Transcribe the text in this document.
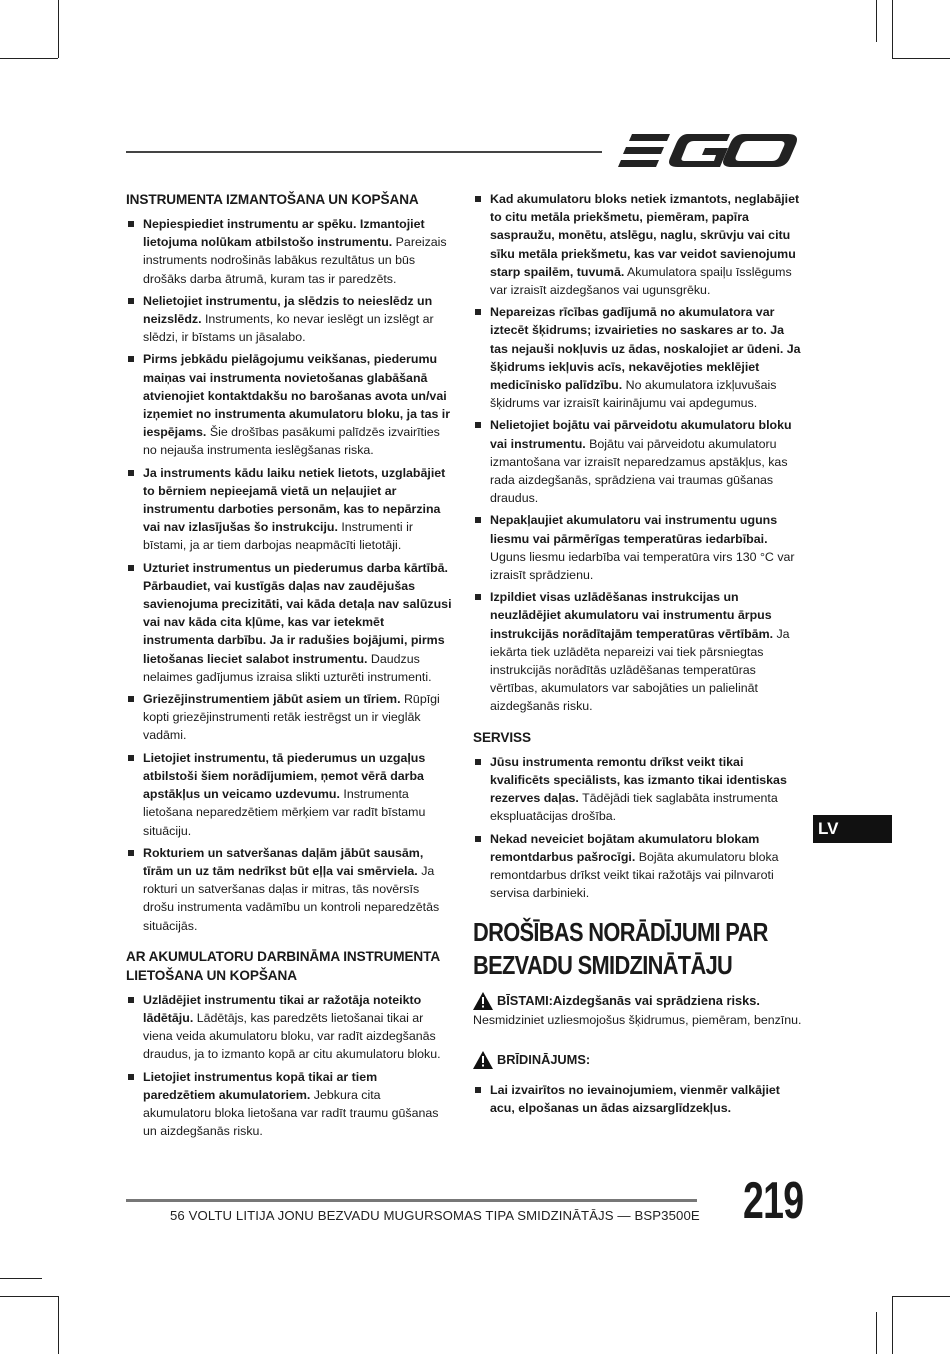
INSTRUMENTA IZMANTOŠANA UN KOPŠANA
Nepiespiediet instrumentu ar spēku. Izmantojiet lietojuma nolūkam atbilstošo instrumentu. Pareizais instruments nodrošinās labākus rezultātus un būs drošāks darba ātrumā, kuram tas ir paredzēts.
Nelietojiet instrumentu, ja slēdzis to neieslēdz un neizslēdz. Instruments, ko nevar ieslēgt un izslēgt ar slēdzi, ir bīstams un jāsalabo.
Pirms jebkādu pielāgojumu veikšanas, piederumu maiņas vai instrumenta novietošanas glabāšanā atvienojiet kontaktdakšu no barošanas avota un/vai izņemiet no instrumenta akumulatoru bloku, ja tas ir iespējams. Šie drošības pasākumi palīdzēs izvairīties no nejauša instrumenta ieslēgšanas riska.
Ja instruments kādu laiku netiek lietots, uzglabājiet to bērniem nepieejamā vietā un neļaujiet ar instrumentu darboties personām, kas to nepārzina vai nav izlasījušas šo instrukciju. Instrumenti ir bīstami, ja ar tiem darbojas neapmācīti lietotāji.
Uzturiet instrumentus un piederumus darba kārtībā. Pārbaudiet, vai kustīgās daļas nav zaudējušas savienojuma precizitāti, vai kāda detaļa nav salūzusi vai nav kāda cita kļūme, kas var ietekmēt instrumenta darbību. Ja ir radušies bojājumi, pirms lietošanas lieciet salabot instrumentu. Daudzus nelaimes gadījumus izraisa slikti uzturēti instrumenti.
Griezējinstrumentiem jābūt asiem un tīriem. Rūpīgi kopti griezējinstrumenti retāk iestrēgst un ir vieglāk vadāmi.
Lietojiet instrumentu, tā piederumus un uzgaļus atbilstoši šiem norādījumiem, ņemot vērā darba apstākļus un veicamo uzdevumu. Instrumenta lietošana neparedzētiem mērķiem var radīt bīstamu situāciju.
Rokturiem un satveršanas daļām jābūt sausām, tīrām un uz tām nedrīkst būt eļļa vai smērviela. Ja rokturi un satveršanas daļas ir mitras, tās novērsīs drošu instrumenta vadāmību un kontroli neparedzētās situācijās.
AR AKUMULATORU DARBINĀMA INSTRUMENTA LIETOŠANA UN KOPŠANA
Uzlādējiet instrumentu tikai ar ražotāja noteikto lādētāju. Lādētājs, kas paredzēts lietošanai tikai ar viena veida akumulatoru bloku, var radīt aizdegšanās draudus, ja to izmanto kopā ar citu akumulatoru bloku.
Lietojiet instrumentus kopā tikai ar tiem paredzētiem akumulatoriem. Jebkura cita akumulatoru bloka lietošana var radīt traumu gūšanas un aizdegšanās risku.
Kad akumulatoru bloks netiek izmantots, neglabājiet to citu metāla priekšmetu, piemēram, papīra saspraužu, monētu, atslēgu, naglu, skrūvju vai citu sīku metāla priekšmetu, kas var veidot savienojumu starp spailēm, tuvumā. Akumulatora spaiļu īsslēgums var izraisīt aizdegšanos vai ugunsgrēku.
Nepareizas rīcības gadījumā no akumulatora var iztecēt šķidrums; izvairieties no saskares ar to. Ja tas nejauši nokļuvis uz ādas, noskalojiet ar ūdeni. Ja šķidrums iekļuvis acīs, nekavējoties meklējiet medicīnisko palīdzību. No akumulatora izkļuvušais šķidrums var izraisīt kairinājumu vai apdegumus.
Nelietojiet bojātu vai pārveidotu akumulatoru bloku vai instrumentu. Bojātu vai pārveidotu akumulatoru izmantošana var izraisīt neparedzamus apstākļus, kas rada aizdegšanās, sprādziena vai traumas gūšanas draudus.
Nepakļaujiet akumulatoru vai instrumentu uguns liesmu vai pārmērīgas temperatūras iedarbībai. Uguns liesmu iedarbība vai temperatūra virs 130 °C var izraisīt sprādzienu.
Izpildiet visas uzlādēšanas instrukcijas un neuzlādējiet akumulatoru vai instrumentu ārpus instrukcijās norādītajām temperatūras vērtībām. Ja iekārta tiek uzlādēta nepareizi vai tiek pārsniegtas instrukcijās norādītās uzlādēšanas temperatūras vērtības, akumulators var sabojāties un palielināt aizdegšanās risku.
SERVISS
Jūsu instrumenta remontu drīkst veikt tikai kvalificēts speciālists, kas izmanto tikai identiskas rezerves daļas. Tādējādi tiek saglabāta instrumenta ekspluatācijas drošība.
Nekad neveiciet bojātam akumulatoru blokam remontdarbus pašrocīgi. Bojāta akumulatoru bloka remontdarbus drīkst veikt tikai ražotājs vai pilnvaroti servisa darbinieki.
DROŠĪBAS NORĀDĪJUMI PAR BEZVADU SMIDZINĀTĀJU
BĪSTAMI: Aizdegšanās vai sprādziena risks.

Nesmidziniet uzliesmojošus šķidrumus, piemēram, benzīnu.

BRĪDINĀJUMS:
Lai izvairītos no ievainojumiem, vienmēr valkājiet acu, elpošanas un ādas aizsarglīdzekļus.
LV
56 VOLTU LITIJA JONU BEZVADU MUGURSOMAS TIPA SMIDZINĀTĀJS — BSP3500E 219
